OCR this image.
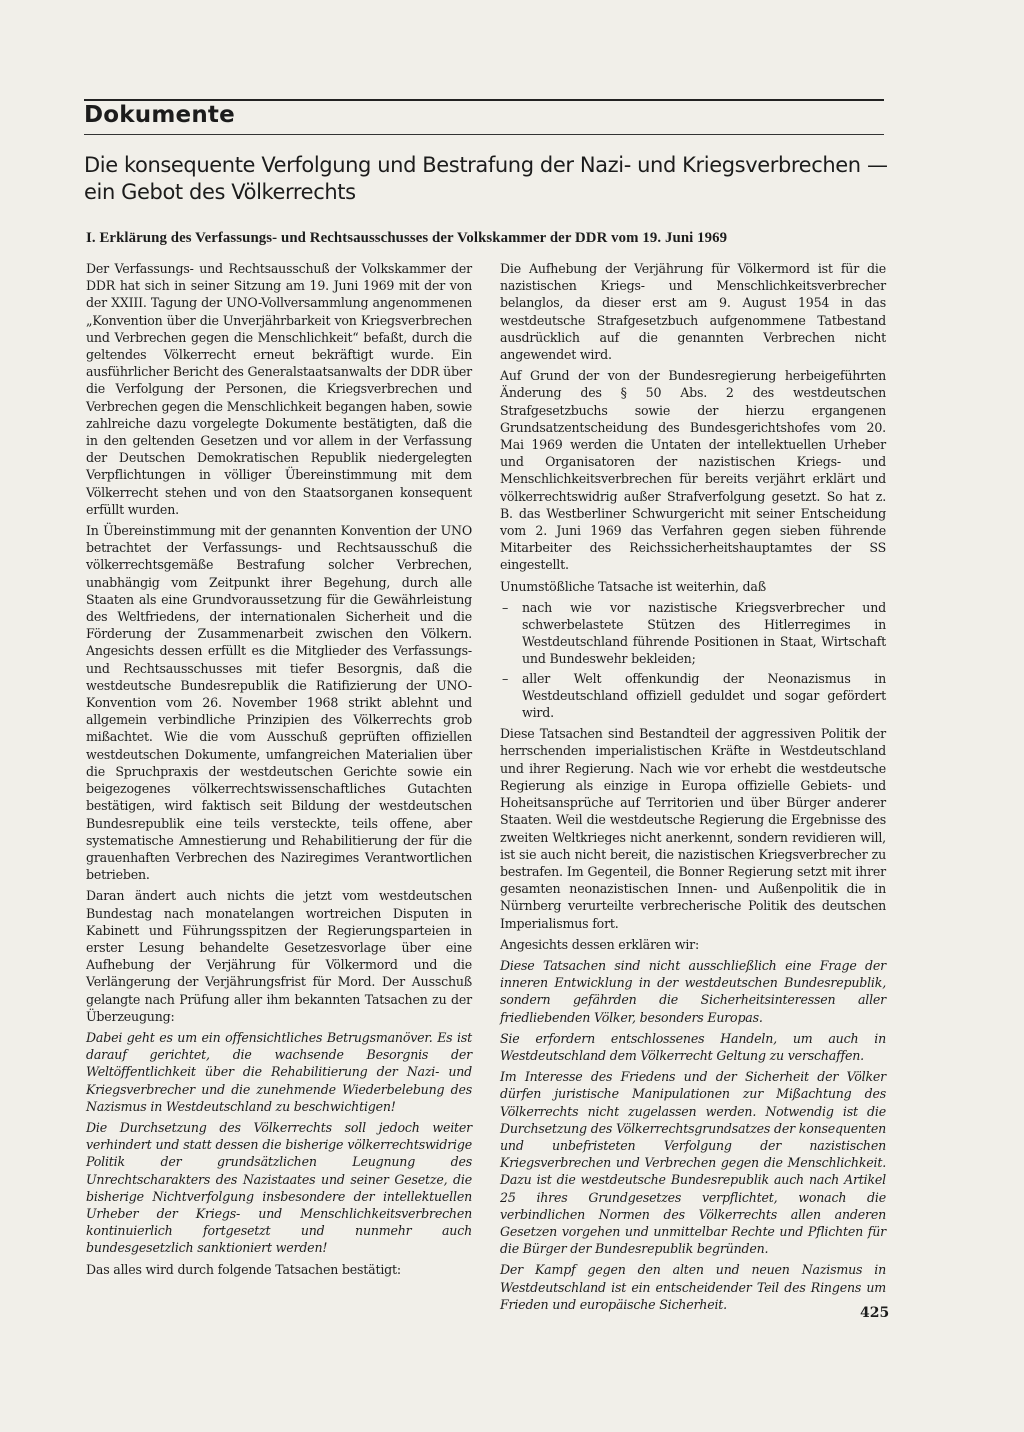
Dokumente
Die konsequente Verfolgung und Bestrafung der Nazi- und Kriegsverbrechen — ein Gebot des Völkerrechts
I. Erklärung des Verfassungs- und Rechtsausschusses der Volkskammer der DDR vom 19. Juni 1969

Der Verfassungs- und Rechtsausschuß der Volkskammer der DDR hat sich in seiner Sitzung am 19. Juni 1969 mit der von der XXIII. Tagung der UNO-Vollversammlung angenommenen „Konvention über die Unverjährbarkeit von Kriegsverbrechen und Verbrechen gegen die Menschlichkeit“ befaßt, durch die geltendes Völkerrecht erneut bekräftigt wurde. Ein ausführlicher Bericht des Generalstaatsanwalts der DDR über die Verfolgung der Personen, die Kriegsverbrechen und Verbrechen gegen die Menschlichkeit begangen haben, sowie zahlreiche dazu vorgelegte Dokumente bestätigten, daß die in den geltenden Gesetzen und vor allem in der Verfassung der Deutschen Demokratischen Republik niedergelegten Verpflichtungen in völliger Übereinstimmung mit dem Völkerrecht stehen und von den Staatsorganen konsequent erfüllt wurden.

In Übereinstimmung mit der genannten Konvention der UNO betrachtet der Verfassungs- und Rechtsausschuß die völkerrechtsgemäße Bestrafung solcher Verbrechen, unabhängig vom Zeitpunkt ihrer Begehung, durch alle Staaten als eine Grundvoraussetzung für die Gewährleistung des Weltfriedens, der internationalen Sicherheit und die Förderung der Zusammenarbeit zwischen den Völkern. Angesichts dessen erfüllt es die Mitglieder des Verfassungs- und Rechtsausschusses mit tiefer Besorgnis, daß die westdeutsche Bundesrepublik die Ratifizierung der UNO-Konvention vom 26. November 1968 strikt ablehnt und allgemein verbindliche Prinzipien des Völkerrechts grob mißachtet. Wie die vom Ausschuß geprüften offiziellen westdeutschen Dokumente, umfangreichen Materialien über die Spruchpraxis der westdeutschen Gerichte sowie ein beigezogenes völkerrechtswissenschaftliches Gutachten bestätigen, wird faktisch seit Bildung der westdeutschen Bundesrepublik eine teils versteckte, teils offene, aber systematische Amnestierung und Rehabilitierung der für die grauenhaften Verbrechen des Naziregimes Verantwortlichen betrieben.

Daran ändert auch nichts die jetzt vom westdeutschen Bundestag nach monatelangen wortreichen Disputen in Kabinett und Führungsspitzen der Regierungsparteien in erster Lesung behandelte Gesetzesvorlage über eine Aufhebung der Verjährung für Völkermord und die Verlängerung der Verjährungsfrist für Mord. Der Ausschuß gelangte nach Prüfung aller ihm bekannten Tatsachen zu der Überzeugung:

Dabei geht es um ein offensichtliches Betrugsmanöver. Es ist darauf gerichtet, die wachsende Besorgnis der Weltöffentlichkeit über die Rehabilitierung der Nazi- und Kriegsverbrecher und die zunehmende Wiederbelebung des Nazismus in Westdeutschland zu beschwichtigen!

Die Durchsetzung des Völkerrechts soll jedoch weiter verhindert und statt dessen die bisherige völkerrechtswidrige Politik der grundsätzlichen Leugnung des Unrechtscharakters des Nazistaates und seiner Gesetze, die bisherige Nichtverfolgung insbesondere der intellektuellen Urheber der Kriegs- und Menschlichkeitsverbrechen kontinuierlich fortgesetzt und nunmehr auch bundesgesetzlich sanktioniert werden!

Das alles wird durch folgende Tatsachen bestätigt:

Die Aufhebung der Verjährung für Völkermord ist für die nazistischen Kriegs- und Menschlichkeitsverbrecher belanglos, da dieser erst am 9. August 1954 in das westdeutsche Strafgesetzbuch aufgenommene Tatbestand ausdrücklich auf die genannten Verbrechen nicht angewendet wird.

Auf Grund der von der Bundesregierung herbeigeführten Änderung des § 50 Abs. 2 des westdeutschen Strafgesetzbuchs sowie der hierzu ergangenen Grundsatzentscheidung des Bundesgerichtshofes vom 20. Mai 1969 werden die Untaten der intellektuellen Urheber und Organisatoren der nazistischen Kriegs- und Menschlichkeitsverbrechen für bereits verjährt erklärt und völkerrechtswidrig außer Strafverfolgung gesetzt. So hat z. B. das Westberliner Schwurgericht mit seiner Entscheidung vom 2. Juni 1969 das Verfahren gegen sieben führende Mitarbeiter des Reichssicherheitshauptamtes der SS eingestellt.

Unumstößliche Tatsache ist weiterhin, daß

– nach wie vor nazistische Kriegsverbrecher und schwerbelastete Stützen des Hitlerregimes in Westdeutschland führende Positionen in Staat, Wirtschaft und Bundeswehr bekleiden;
– aller Welt offenkundig der Neonazismus in Westdeutschland offiziell geduldet und sogar gefördert wird.

Diese Tatsachen sind Bestandteil der aggressiven Politik der herrschenden imperialistischen Kräfte in Westdeutschland und ihrer Regierung. Nach wie vor erhebt die westdeutsche Regierung als einzige in Europa offizielle Gebiets- und Hoheitsansprüche auf Territorien und über Bürger anderer Staaten. Weil die westdeutsche Regierung die Ergebnisse des zweiten Weltkrieges nicht anerkennt, sondern revidieren will, ist sie auch nicht bereit, die nazistischen Kriegsverbrecher zu bestrafen. Im Gegenteil, die Bonner Regierung setzt mit ihrer gesamten neonazistischen Innen- und Außenpolitik die in Nürnberg verurteilte verbrecherische Politik des deutschen Imperialismus fort.

Angesichts dessen erklären wir:

Diese Tatsachen sind nicht ausschließlich eine Frage der inneren Entwicklung in der westdeutschen Bundesrepublik, sondern gefährden die Sicherheitsinteressen aller friedliebenden Völker, besonders Europas.

Sie erfordern entschlossenes Handeln, um auch in Westdeutschland dem Völkerrecht Geltung zu verschaffen.

Im Interesse des Friedens und der Sicherheit der Völker dürfen juristische Manipulationen zur Mißachtung des Völkerrechts nicht zugelassen werden. Notwendig ist die Durchsetzung des Völkerrechtsgrundsatzes der konsequenten und unbefristeten Verfolgung der nazistischen Kriegsverbrechen und Verbrechen gegen die Menschlichkeit. Dazu ist die westdeutsche Bundesrepublik auch nach Artikel 25 ihres Grundgesetzes verpflichtet, wonach die verbindlichen Normen des Völkerrechts allen anderen Gesetzen vorgehen und unmittelbar Rechte und Pflichten für die Bürger der Bundesrepublik begründen.

Der Kampf gegen den alten und neuen Nazismus in Westdeutschland ist ein entscheidender Teil des Ringens um Frieden und europäische Sicherheit.

425
